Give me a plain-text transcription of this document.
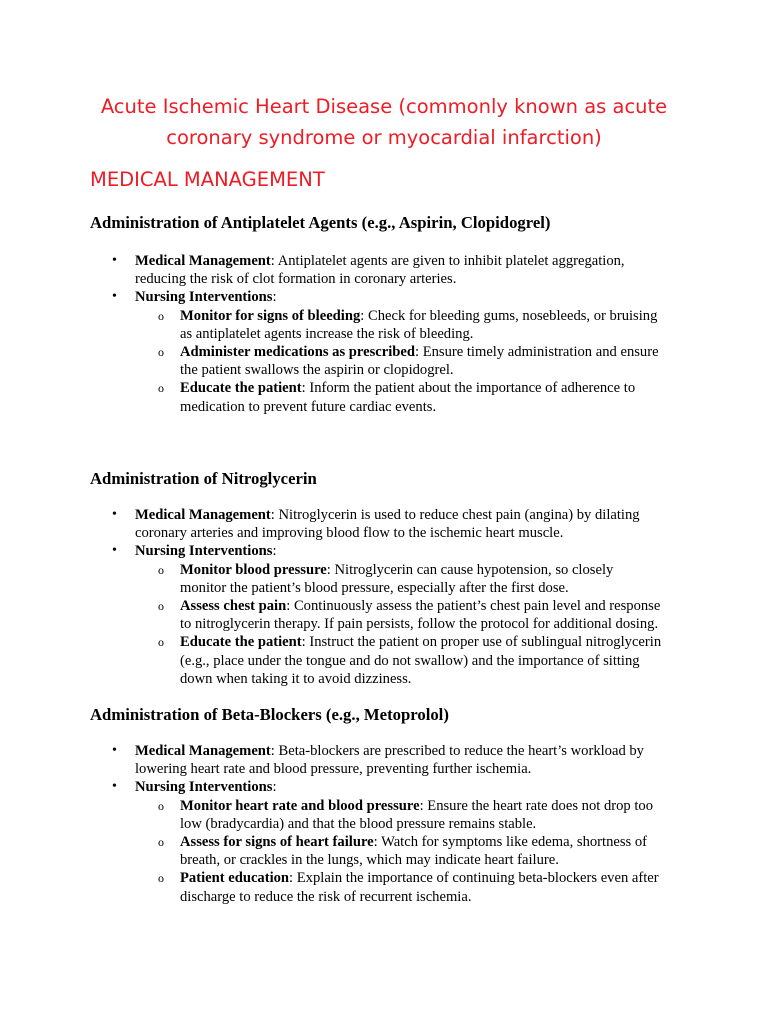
Acute Ischemic Heart Disease (commonly known as acute
coronary syndrome or myocardial infarction)
MEDICAL MANAGEMENT
Administration of Antiplatelet Agents (e.g., Aspirin, Clopidogrel)
• Medical Management: Antiplatelet agents are given to inhibit platelet aggregation,
reducing the risk of clot formation in coronary arteries.
• Nursing Interventions:
o Monitor for signs of bleeding: Check for bleeding gums, nosebleeds, or bruising
as antiplatelet agents increase the risk of bleeding.
o Administer medications as prescribed: Ensure timely administration and ensure
the patient swallows the aspirin or clopidogrel.
o Educate the patient: Inform the patient about the importance of adherence to
medication to prevent future cardiac events.
Administration of Nitroglycerin
• Medical Management: Nitroglycerin is used to reduce chest pain (angina) by dilating
coronary arteries and improving blood flow to the ischemic heart muscle.
• Nursing Interventions:
o Monitor blood pressure: Nitroglycerin can cause hypotension, so closely
monitor the patient’s blood pressure, especially after the first dose.
o Assess chest pain: Continuously assess the patient’s chest pain level and response
to nitroglycerin therapy. If pain persists, follow the protocol for additional dosing.
o Educate the patient: Instruct the patient on proper use of sublingual nitroglycerin
(e.g., place under the tongue and do not swallow) and the importance of sitting
down when taking it to avoid dizziness.
Administration of Beta-Blockers (e.g., Metoprolol)
• Medical Management: Beta-blockers are prescribed to reduce the heart’s workload by
lowering heart rate and blood pressure, preventing further ischemia.
• Nursing Interventions:
o Monitor heart rate and blood pressure: Ensure the heart rate does not drop too
low (bradycardia) and that the blood pressure remains stable.
o Assess for signs of heart failure: Watch for symptoms like edema, shortness of
breath, or crackles in the lungs, which may indicate heart failure.
o Patient education: Explain the importance of continuing beta-blockers even after
discharge to reduce the risk of recurrent ischemia.
